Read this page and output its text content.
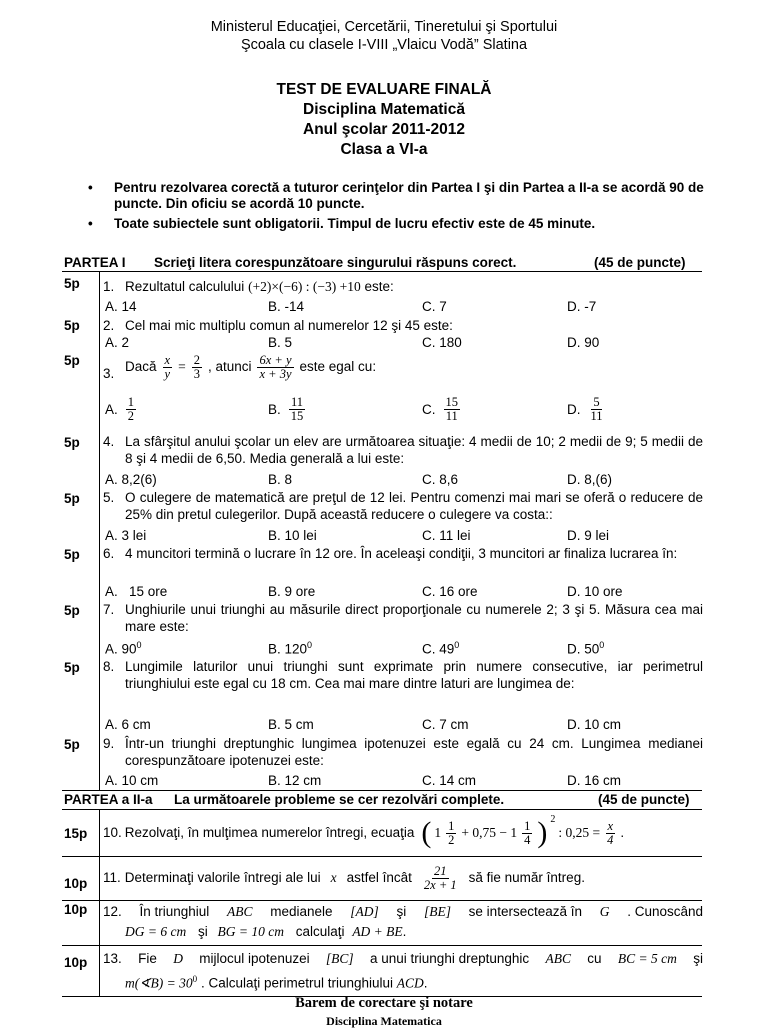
Ministerul Educaţiei, Cercetării, Tineretului şi Sportului
Şcoala cu clasele I-VIII „Vlaicu Vodă” Slatina
TEST DE EVALUARE FINALĂ
Disciplina Matematică
Anul şcolar 2011-2012
Clasa a VI-a
•	Pentru rezolvarea corectă a tuturor cerinţelor din Partea I şi din Partea a II-a se acordă 90 de puncte. Din oficiu se acordă 10 puncte.
•	Toate subiectele sunt obligatorii. Timpul de lucru efectiv este de 45 minute.
PARTEA I Scrieţi litera corespunzătoare singurului răspuns corect.	(45 de puncte)
5p 1. Rezultatul calculului (+2)×(−6) : (−3) +10 este:
A. 14	B. -14	C. 7	D. -7
5p 2. Cel mai mic multiplu comun al numerelor 12 şi 45 este:
A. 2	B. 5	C. 180	D. 90
5p
3. Dacă $\frac{x}{y} = \frac{2}{3}$ , atunci $\frac{6x + y}{x + 3y}$ este egal cu:
A. $\frac{1}{2}$	B. $\frac{11}{15}$	C. $\frac{15}{11}$	D. $\frac{5}{11}$
5p 4. La sfârşitul anului şcolar un elev are următoarea situaţie: 4 medii de 10; 2 medii de 9; 5 medii de 8 şi 4 medii de 6,50. Media generală a lui este:
A. 8,2(6)	B. 8	C. 8,6	D. 8,(6)
5p 5. O culegere de matematică are preţul de 12 lei. Pentru comenzi mai mari se oferă o reducere de 25% din pretul culegerilor. După această reducere o culegere va costa::
A. 3 lei	B. 10 lei	C. 11 lei	D. 9 lei
5p 6. 4 muncitori termină o lucrare în 12 ore. În aceleaşi condiţii, 3 muncitori ar finaliza lucrarea în:
A.   15 ore	B. 9 ore	C. 16 ore	D. 10 ore
5p 7. Unghiurile unui triunghi au măsurile direct proporţionale cu numerele 2; 3 şi 5. Măsura cea mai mare este:
A. $90^0$	B. $120^0$	C. $49^0$	D. $50^0$
5p 8. Lungimile laturilor unui triunghi sunt exprimate prin numere consecutive, iar perimetrul triunghiului este egal cu 18 cm. Cea mai mare dintre laturi are lungimea de:
A. 6 cm	B. 5 cm	C. 7 cm	D. 10 cm
5p 9. Într-un triunghi dreptunghic lungimea ipotenuzei este egală cu 24 cm. Lungimea medianei corespunzătoare ipotenuzei este:
A. 10 cm	B. 12 cm	C. 14 cm	D. 16 cm
PARTEA a II-a La următoarele probleme se cer rezolvări complete.	(45 de puncte)
15p 10. Rezolvaţi, în mulţimea numerelor întregi, ecuaţia ( $1 \frac{1}{2} + 0,75 - 1 \frac{1}{4}$ ) $^2$
: $0,25 = \frac{x}{4}$ .
10p 11. Determinaţi valorile întregi ale lui x astfel încât $\frac{21}{2x + 1}$ să fie număr întreg.
10p 12. În triunghiul ABC medianele [AD] şi [BE] se intersectează în G . Cunoscând
DG = 6 cm şi BG = 10 cm calculaţi AD + BE.
10p 13. Fie D mijlocul ipotenuzei [BC] a unui triunghi dreptunghic ABC cu BC = 5 cm şi
m(∢B) = $30^0$ . Calculaţi perimetrul triunghiului ACD.
Barem de corectare şi notare
Disciplina Matematica
